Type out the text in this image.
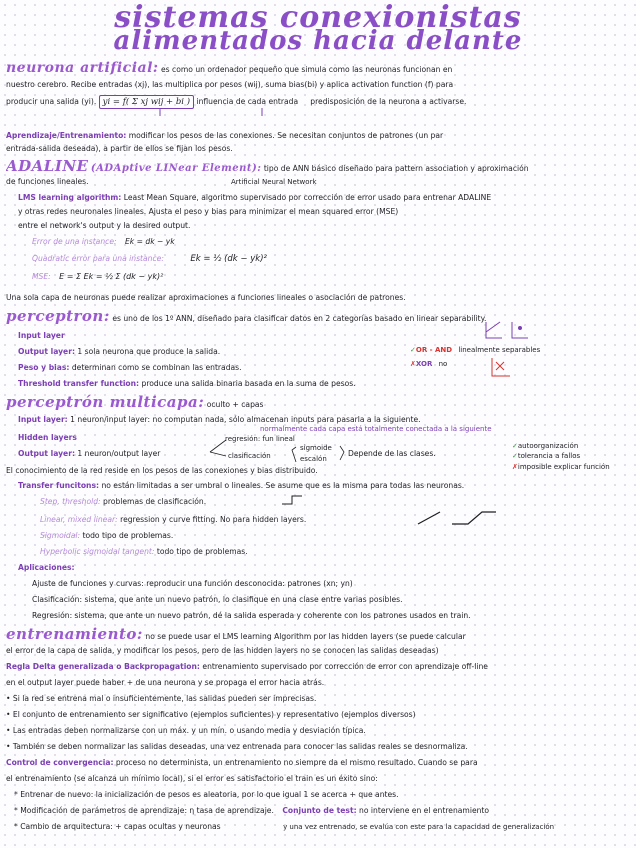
sistemas conexionistas
alimentados hacia delante
neurona artificial: es como un ordenador pequeño que simula como las neuronas funcionan en
nuestro cerebro. Recibe entradas (xj), las multiplica por pesos (wij), suma bias(bi) y aplica activation function (f) para
producir una salida (yi). yi = f( Σ xj wij + bi ) influencia de cada entrada predisposición de la neurona a activarse.
Aprendizaje/Entrenamiento: modificar los pesos de las conexiones. Se necesitan conjuntos de patrones (un par
entrada-salida deseada), a partir de ellos se fijan los pesos.
ADALINE (ADAptive LINear Element): tipo de ANN básico diseñado para pattern association y aproximación
de funciones lineales.	Artificial Neural Network
LMS learning algorithm: Least Mean Square, algoritmo supervisado por corrección de error usado para entrenar ADALINE
y otras redes neuronales lineales. Ajusta el peso y bias para minimizar el mean squared error (MSE)
entre el network's output y la desired output.
Error de una instance: Ek = dk − yk
Quadratic error para una instance:	Ek = ½ (dk − yk)²
MSE: E = Σ Ek = ½ Σ (dk − yk)²
Una sola capa de neuronas puede realizar aproximaciones a funciones lineales o asociación de patrones.
perceptron: es uno de los 1º ANN, diseñado para clasificar datos en 2 categorías basado en linear separability.
Input layer
Output layer: 1 sola neurona que produce la salida.
Peso y bias: determinan como se combinan las entradas.
Threshold transfer function: produce una salida binaria basada en la suma de pesos.
✓OR - AND linealmente separables
✗XOR no
perceptrón multicapa: oculto + capas
Input layer: 1 neuron/input layer: no computan nada, sólo almacenan inputs para pasarla a la siguiente.
normalmente cada capa está totalmente conectada a la siguiente
Hidden layers	regresión: fun lineal
Output layer: 1 neuron/output layer	clasificación
sigmoide
escalón
Depende de las clases.
✓autoorganización
✓tolerancia a fallos
✗imposible explicar función
El conocimiento de la red reside en los pesos de las conexiones y bias distribuido.
Transfer funcitons: no están limitadas a ser umbral o lineales. Se asume que es la misma para todas las neuronas.
Step, threshold: problemas de clasificación.
Linear, mixed linear: regression y curve fitting. No para hidden layers.
Sigmoidal: todo tipo de problemas.
Hyperbolic sigmoidal tangent: todo tipo de problemas.
Aplicaciones:
Ajuste de funciones y curvas: reproducir una función desconocida: patrones (xn; yn)
Clasificación: sistema, que ante un nuevo patrón, lo clasifique en una clase entre varias posibles.
Regresión: sistema, que ante un nuevo patrón, dé la salida esperada y coherente con los patrones usados en train.
entrenamiento: no se puede usar el LMS learning Algorithm por las hidden layers (se puede calcular
el error de la capa de salida, y modificar los pesos, pero de las hidden layers no se conocen las salidas deseadas)
Regla Delta generalizada o Backpropagation: entrenamiento supervisado por corrección de error con aprendizaje off-line
en el output layer puede haber + de una neurona y se propaga el error hacia atrás.
• Si la red se entrena mal o insuficientemente, las salidas pueden ser imprecisas.
• El conjunto de entrenamiento ser significativo (ejemplos suficientes) y representativo (ejemplos diversos)
• Las entradas deben normalizarse con un máx. y un mín. o usando media y desviación típica.
• También se deben normalizar las salidas deseadas, una vez entrenada para conocer las salidas reales se desnormaliza.
Control de convergencia: proceso no determinista, un entrenamiento no siempre da el mismo resultado. Cuando se para
el entrenamiento (se alcanza un mínimo local), si el error es satisfactorio el train es un éxito sino:
* Entrenar de nuevo: la inicialización de pesos es aleatoria, por lo que igual 1 se acerca + que antes.
* Modificación de parámetros de aprendizaje: η tasa de aprendizaje. Conjunto de test: no interviene en el entrenamiento
* Cambio de arquitectura: + capas ocultas y neuronas	y una vez entrenado, se evalúa con este para la capacidad de generalización
